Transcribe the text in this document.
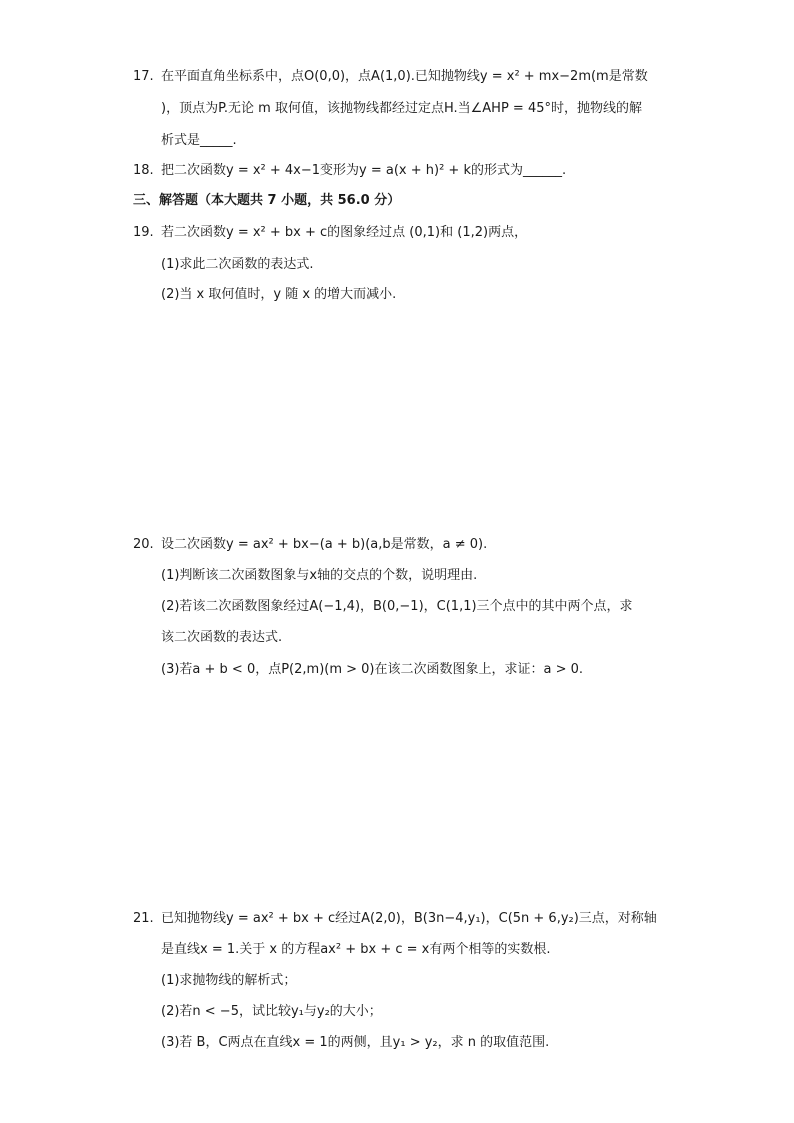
17. 在平面直角坐标系中，点O(0,0)，点A(1,0).已知抛物线y = x² + mx−2m(m是常数
)，顶点为P.无论 m 取何值，该抛物线都经过定点H.当∠AHP = 45°时，抛物线的解
析式是_____.
18. 把二次函数y = x² + 4x−1变形为y = a(x + h)² + k的形式为______.
三、解答题（本大题共 7 小题，共 56.0 分）
19. 若二次函数y = x² + bx + c的图象经过点 (0,1)和 (1,2)两点，
(1)求此二次函数的表达式.
(2)当 x 取何值时，y 随 x 的增大而减小.
20. 设二次函数y = ax² + bx−(a + b)(a,b是常数，a ≠ 0).
(1)判断该二次函数图象与x轴的交点的个数，说明理由.
(2)若该二次函数图象经过A(−1,4)，B(0,−1)，C(1,1)三个点中的其中两个点，求
该二次函数的表达式.
(3)若a + b < 0，点P(2,m)(m > 0)在该二次函数图象上，求证：a > 0.
21. 已知抛物线y = ax² + bx + c经过A(2,0)，B(3n−4,y₁)，C(5n + 6,y₂)三点，对称轴
是直线x = 1.关于 x 的方程ax² + bx + c = x有两个相等的实数根.
(1)求抛物线的解析式；
(2)若n < −5，试比较y₁与y₂的大小；
(3)若 B，C两点在直线x = 1的两侧，且y₁ > y₂，求 n 的取值范围.
